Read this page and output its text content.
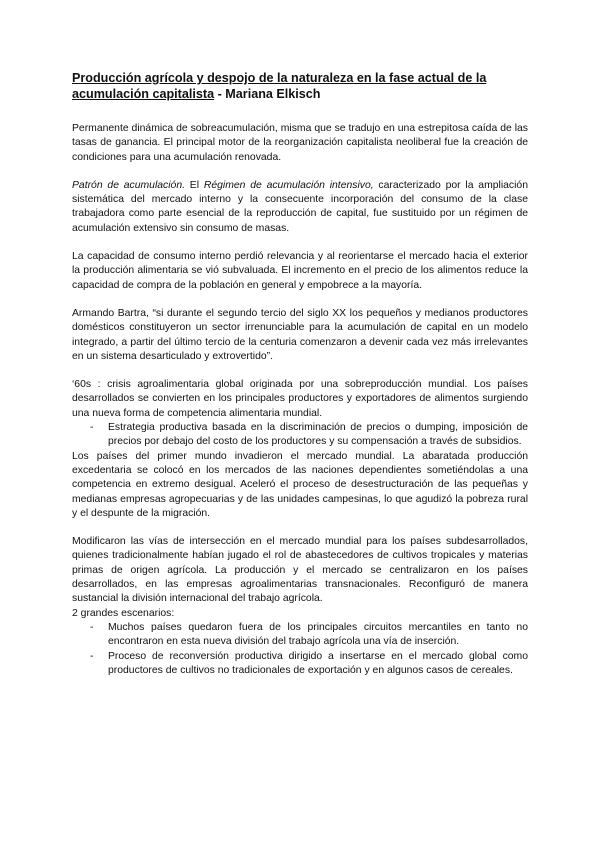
Producción agrícola y despojo de la naturaleza en la fase actual de la acumulación capitalista - Mariana Elkisch

Permanente dinámica de sobreacumulación, misma que se tradujo en una estrepitosa caída de las tasas de ganancia. El principal motor de la reorganización capitalista neoliberal fue la creación de condiciones para una acumulación renovada.

Patrón de acumulación. El Régimen de acumulación intensivo, caracterizado por la ampliación sistemática del mercado interno y la consecuente incorporación del consumo de la clase trabajadora como parte esencial de la reproducción de capital, fue sustituido por un régimen de acumulación extensivo sin consumo de masas.

La capacidad de consumo interno perdió relevancia y al reorientarse el mercado hacia el exterior la producción alimentaria se vió subvaluada. El incremento en el precio de los alimentos reduce la capacidad de compra de la población en general y empobrece a la mayoría.

Armando Bartra, “si durante el segundo tercio del siglo XX los pequeños y medianos productores domésticos constituyeron un sector irrenunciable para la acumulación de capital en un modelo integrado, a partir del último tercio de la centuria comenzaron a devenir cada vez más irrelevantes en un sistema desarticulado y extrovertido”.

‘60s : crisis agroalimentaria global originada por una sobreproducción mundial. Los países desarrollados se convierten en los principales productores y exportadores de alimentos surgiendo una nueva forma de competencia alimentaria mundial.

- Estrategia productiva basada en la discriminación de precios o dumping, imposición de precios por debajo del costo de los productores y su compensación a través de subsidios.

Los países del primer mundo invadieron el mercado mundial. La abaratada producción excedentaria se colocó en los mercados de las naciones dependientes sometiéndolas a una competencia en extremo desigual. Aceleró el proceso de desestructuración de las pequeñas y medianas empresas agropecuarias y de las unidades campesinas, lo que agudizó la pobreza rural y el despunte de la migración.

Modificaron las vías de intersección en el mercado mundial para los países subdesarrollados, quienes tradicionalmente habían jugado el rol de abastecedores de cultivos tropicales y materias primas de origen agrícola. La producción y el mercado se centralizaron en los países desarrollados, en las empresas agroalimentarias transnacionales. Reconfiguró de manera sustancial la división internacional del trabajo agrícola.

2 grandes escenarios:

- Muchos países quedaron fuera de los principales circuitos mercantiles en tanto no encontraron en esta nueva división del trabajo agrícola una vía de inserción.
- Proceso de reconversión productiva dirigido a insertarse en el mercado global como productores de cultivos no tradicionales de exportación y en algunos casos de cereales.
